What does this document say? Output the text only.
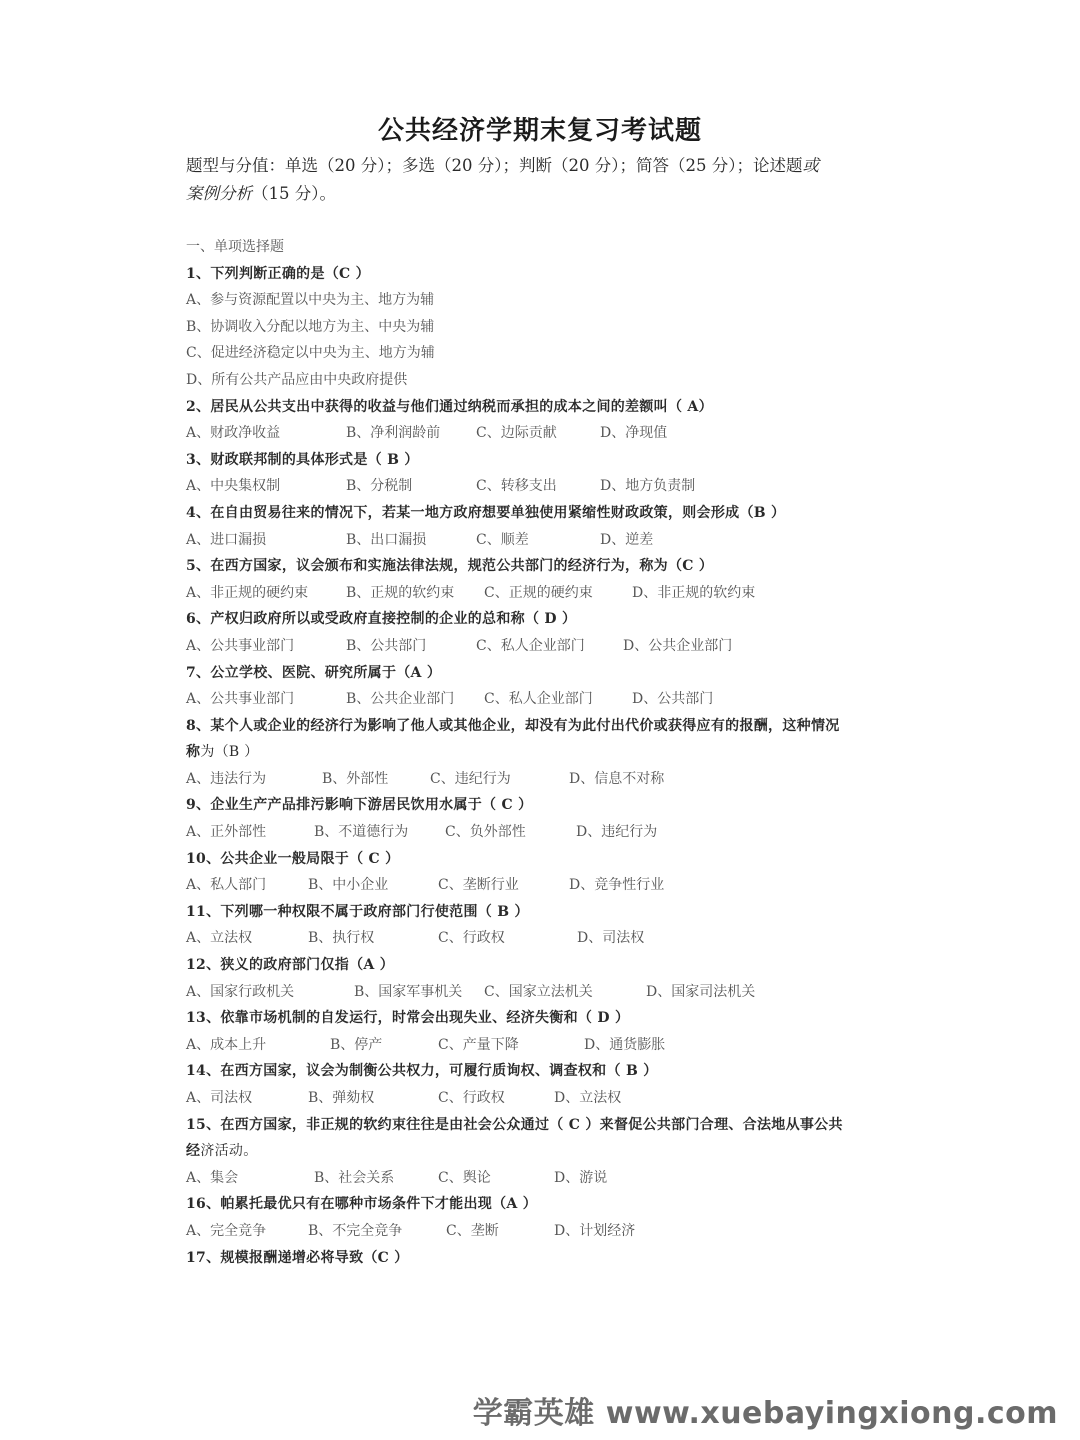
公共经济学期末复习考试题
题型与分值：单选（20 分）；多选（20 分）；判断（20 分）；简答（25 分）；论述题或
案例分析（15 分）。
一、单项选择题
1、下列判断正确的是（C ）
A、参与资源配置以中央为主、地方为辅
B、协调收入分配以地方为主、中央为辅
C、促进经济稳定以中央为主、地方为辅
D、所有公共产品应由中央政府提供
2、居民从公共支出中获得的收益与他们通过纳税而承担的成本之间的差额叫（ A）
A、财政净收益	B、净利润龄前	C、边际贡献	D、净现值
3、财政联邦制的具体形式是（ B ）
A、中央集权制	B、分税制	C、转移支出	D、地方负责制
4、在自由贸易往来的情况下，若某一地方政府想要单独使用紧缩性财政政策，则会形成（B ）
A、进口漏损	B、出口漏损	C、顺差	D、逆差
5、在西方国家，议会颁布和实施法律法规，规范公共部门的经济行为，称为（C ）
A、非正规的硬约束	B、正规的软约束 C、正规的硬约束	D、非正规的软约束
6、产权归政府所以或受政府直接控制的企业的总和称（ D ）
A、公共事业部门	B、公共部门	C、私人企业部门	D、公共企业部门
7、公立学校、医院、研究所属于（A ）
A、公共事业部门	B、公共企业部门 C、私人企业部门	D、公共部门
8、某个人或企业的经济行为影响了他人或其他企业，却没有为此付出代价或获得应有的报酬，这种情况
称为（B ）
A、违法行为	B、外部性	C、违纪行为	D、信息不对称
9、企业生产产品排污影响下游居民饮用水属于（ C ）
A、正外部性	B、不道德行为	C、负外部性	D、违纪行为
10、公共企业一般局限于（ C ）
A、私人部门	B、中小企业	C、垄断行业	D、竞争性行业
11、下列哪一种权限不属于政府部门行使范围（ B ）
A、立法权	B、执行权	C、行政权	D、司法权
12、狭义的政府部门仅指（A ）
A、国家行政机关	B、国家军事机关 C、国家立法机关	D、国家司法机关
13、依靠市场机制的自发运行，时常会出现失业、经济失衡和（ D ）
A、成本上升	B、停产	C、产量下降	D、通货膨胀
14、在西方国家，议会为制衡公共权力，可履行质询权、调查权和（ B ）
A、司法权	B、弹劾权	C、行政权	D、立法权
15、在西方国家，非正规的软约束往往是由社会公众通过（ C ）来督促公共部门合理、合法地从事公共
经济活动。
A、集会	B、社会关系	C、舆论	D、游说
16、帕累托最优只有在哪种市场条件下才能出现（A ）
A、完全竞争	B、不完全竞争	C、垄断	D、计划经济
17、规模报酬递增必将导致（C ）
学霸英雄 www.xuebayingxiong.com
